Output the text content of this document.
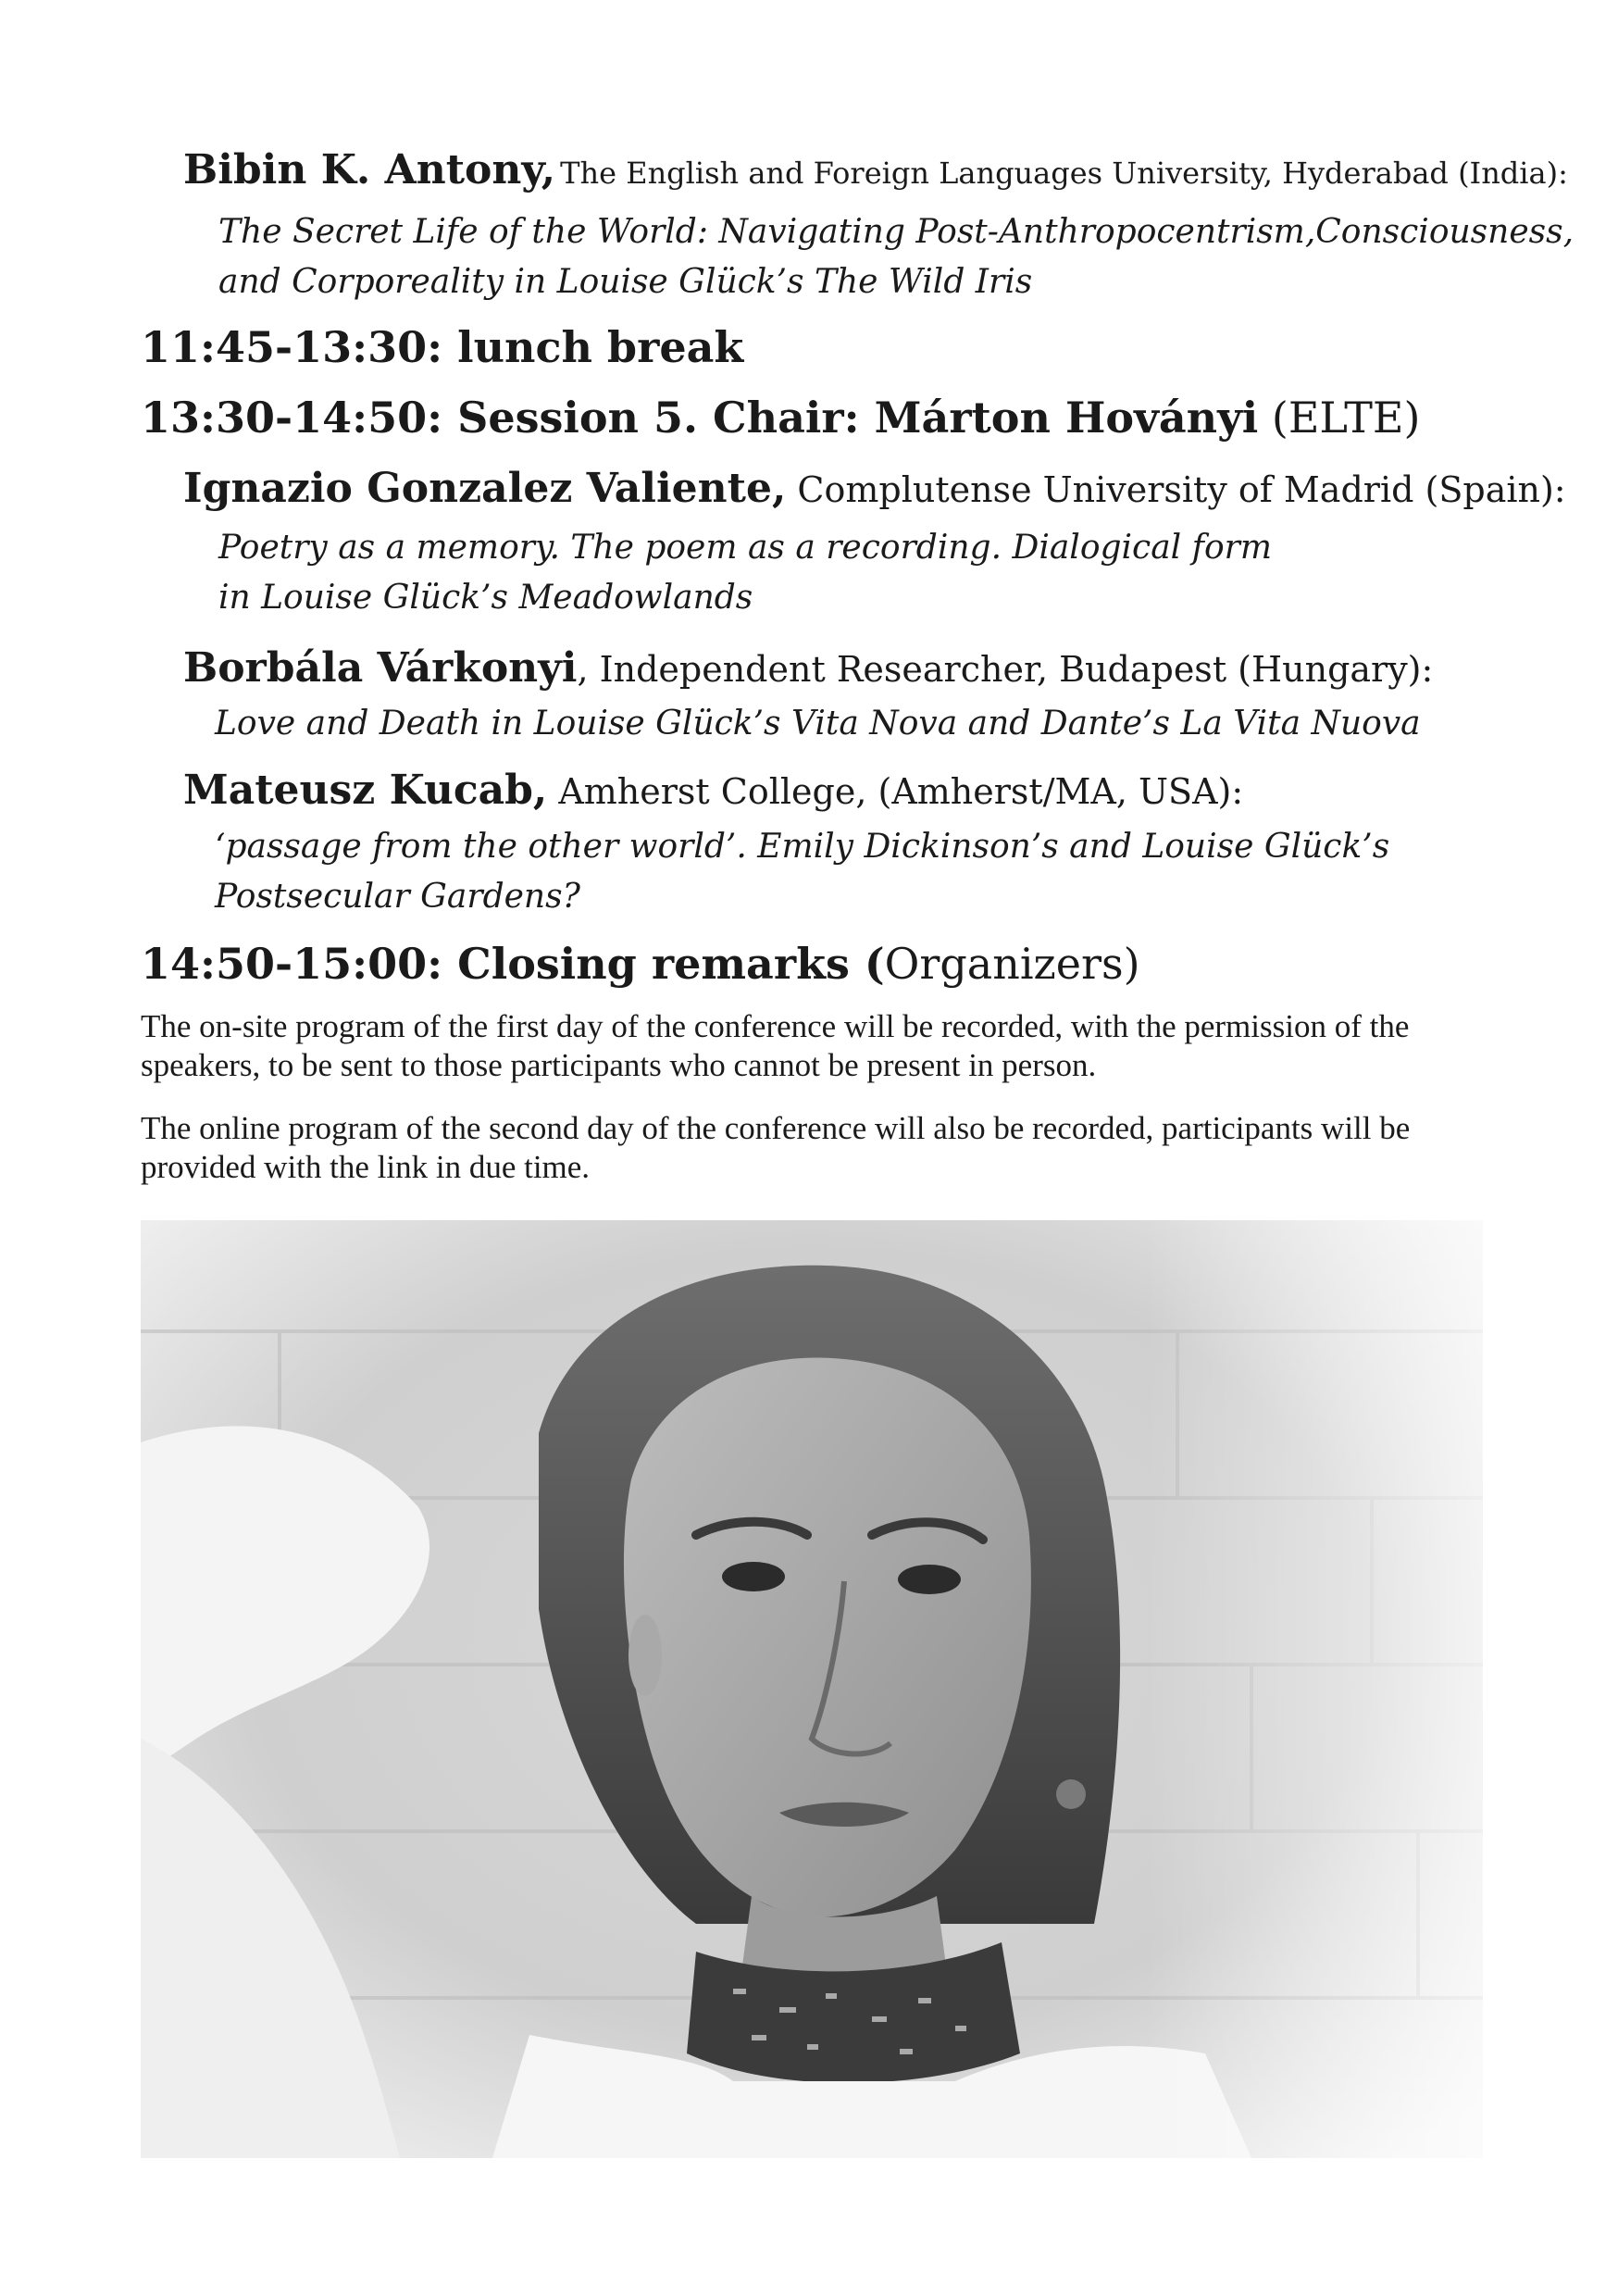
Bibin K. Antony, The English and Foreign Languages University, Hyderabad (India):
The Secret Life of the World: Navigating Post-Anthropocentrism,Consciousness,
and Corporeality in Louise Glück’s The Wild Iris
11:45-13:30: lunch break
13:30-14:50: Session 5. Chair: Márton Hoványi (ELTE)
Ignazio Gonzalez Valiente, Complutense University of Madrid (Spain):
Poetry as a memory. The poem as a recording. Dialogical form
in Louise Glück’s Meadowlands
Borbála Várkonyi, Independent Researcher, Budapest (Hungary):
Love and Death in Louise Glück’s Vita Nova and Dante’s La Vita Nuova
Mateusz Kucab, Amherst College, (Amherst/MA, USA):
‘passage from the other world’. Emily Dickinson’s and Louise Glück’s
Postsecular Gardens?
14:50-15:00: Closing remarks (Organizers)
The on-site program of the first day of the conference will be recorded, with the permission of the speakers, to be sent to those participants who cannot be present in person.
The online program of the second day of the conference will also be recorded, participants will be provided with the link in due time.
